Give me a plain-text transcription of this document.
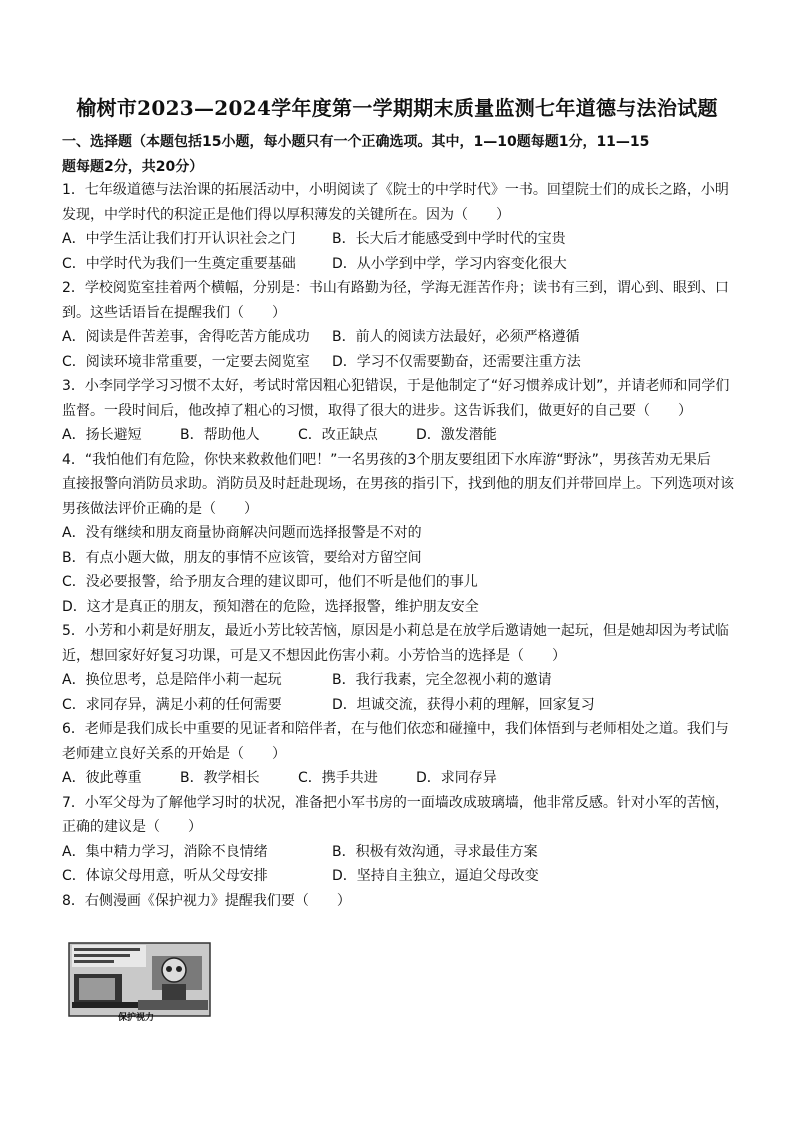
榆树市2023—2024学年度第一学期期末质量监测七年道德与法治试题
一、选择题（本题包括15小题，每小题只有一个正确选项。其中，1—10题每题1分，11—15
题每题2分，共20分）
1．七年级道德与法治课的拓展活动中，小明阅读了《院士的中学时代》一书。回望院士们的成长之路，小明
发现，中学时代的积淀正是他们得以厚积薄发的关键所在。因为（　　）
A．中学生活让我们打开认识社会之门	B．长大后才能感受到中学时代的宝贵
C．中学时代为我们一生奠定重要基础	D．从小学到中学，学习内容变化很大
2．学校阅览室挂着两个横幅，分别是：书山有路勤为径，学海无涯苦作舟；读书有三到，谓心到、眼到、口
到。这些话语旨在提醒我们（　　）
A．阅读是件苦差事，舍得吃苦方能成功	B．前人的阅读方法最好，必须严格遵循
C．阅读环境非常重要，一定要去阅览室	D．学习不仅需要勤奋，还需要注重方法
3．小李同学学习习惯不太好，考试时常因粗心犯错误，于是他制定了“好习惯养成计划”，并请老师和同学们
监督。一段时间后，他改掉了粗心的习惯，取得了很大的进步。这告诉我们，做更好的自己要（　　）
A．扬长避短	B．帮助他人	C．改正缺点	D．激发潜能
4．“我怕他们有危险，你快来救救他们吧！”一名男孩的3个朋友要组团下水库游“野泳”，男孩苦劝无果后
直接报警向消防员求助。消防员及时赶赴现场，在男孩的指引下，找到他的朋友们并带回岸上。下列选项对该
男孩做法评价正确的是（　　）
A．没有继续和朋友商量协商解决问题而选择报警是不对的
B．有点小题大做，朋友的事情不应该管，要给对方留空间
C．没必要报警，给予朋友合理的建议即可，他们不听是他们的事儿
D．这才是真正的朋友，预知潜在的危险，选择报警，维护朋友安全
5．小芳和小莉是好朋友，最近小芳比较苦恼，原因是小莉总是在放学后邀请她一起玩，但是她却因为考试临
近，想回家好好复习功课，可是又不想因此伤害小莉。小芳恰当的选择是（　　）
A．换位思考，总是陪伴小莉一起玩	B．我行我素，完全忽视小莉的邀请
C．求同存异，满足小莉的任何需要	D．坦诚交流，获得小莉的理解，回家复习
6．老师是我们成长中重要的见证者和陪伴者，在与他们依恋和碰撞中，我们体悟到与老师相处之道。我们与
老师建立良好关系的开始是（　　）
A．彼此尊重	B．教学相长	C．携手共进	D．求同存异
7．小军父母为了解他学习时的状况，准备把小军书房的一面墙改成玻璃墙，他非常反感。针对小军的苦恼，
正确的建议是（　　）
A．集中精力学习，消除不良情绪	B．积极有效沟通，寻求最佳方案
C．体谅父母用意，听从父母安排	D．坚持自主独立，逼迫父母改变
8．右侧漫画《保护视力》提醒我们要（　　）
保护视力
